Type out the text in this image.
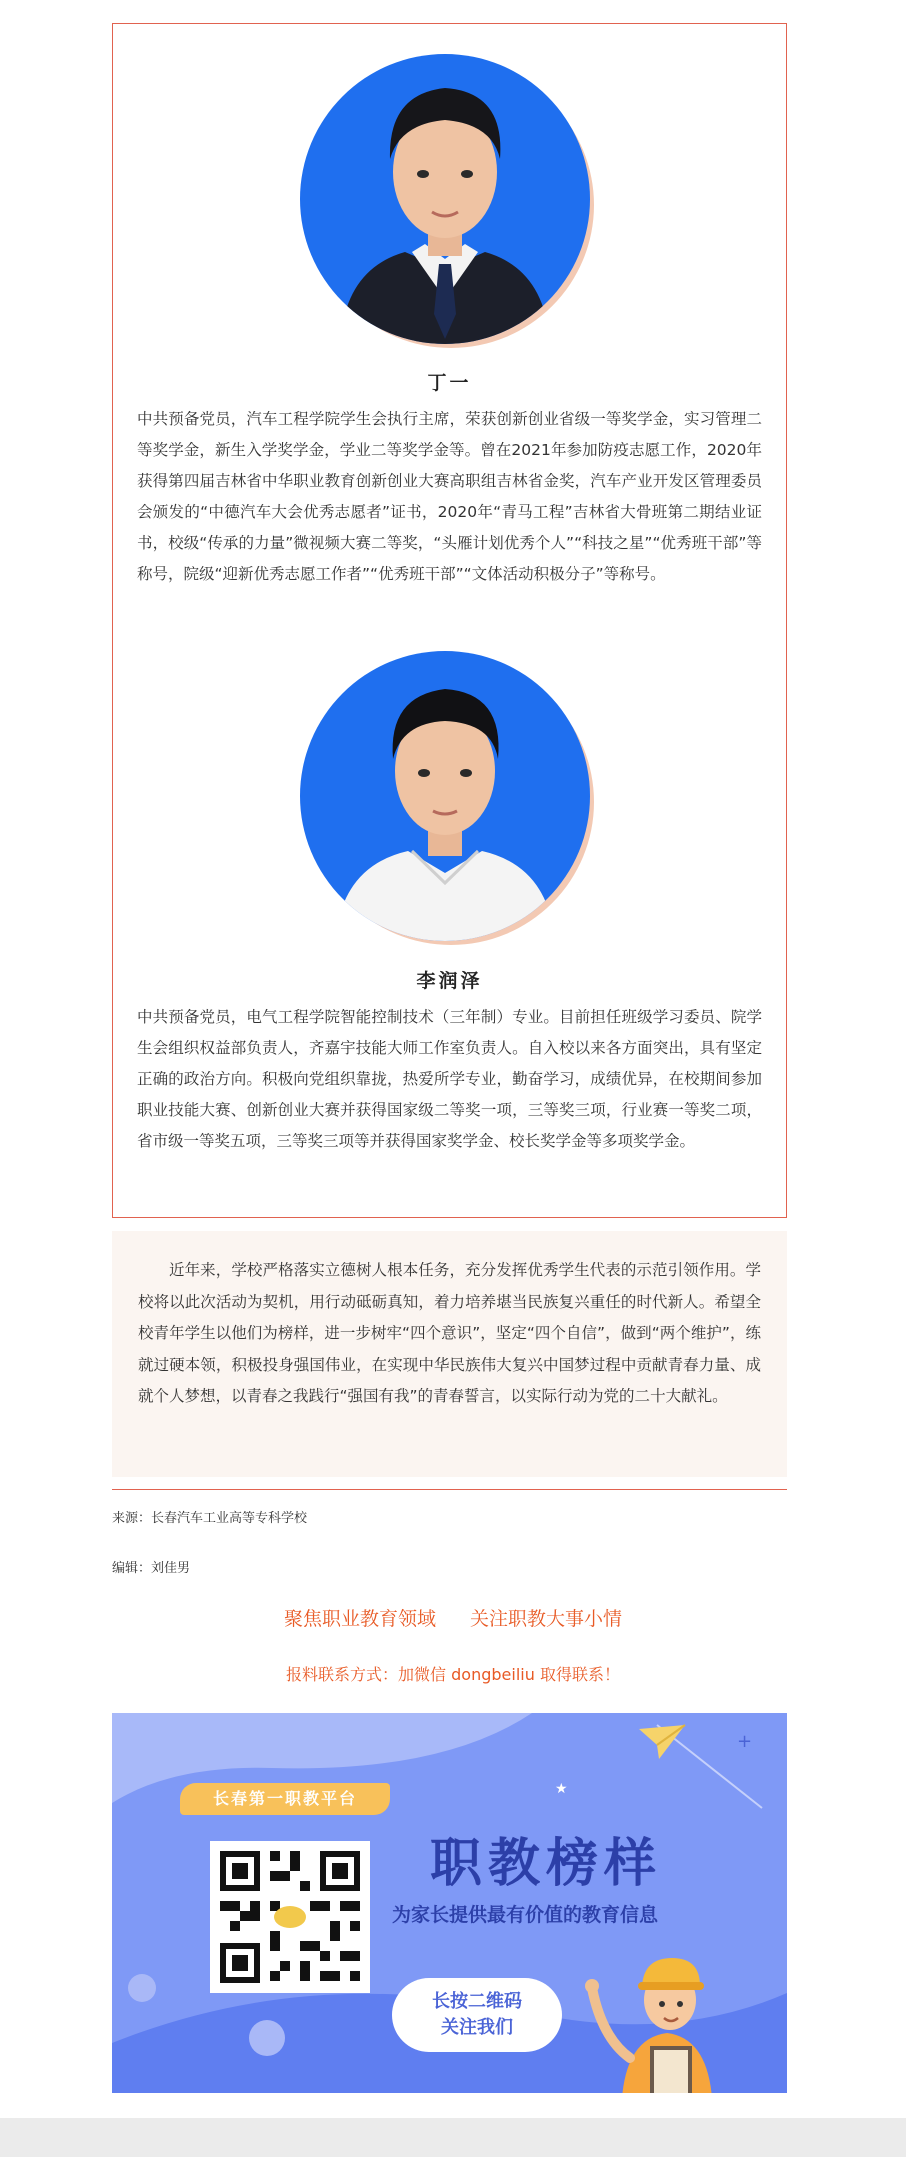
丁一

中共预备党员，汽车工程学院学生会执行主席，荣获创新创业省级一等奖学金，实习管理二等奖学金，新生入学奖学金，学业二等奖学金等。曾在2021年参加防疫志愿工作，2020年获得第四届吉林省中华职业教育创新创业大赛高职组吉林省金奖，汽车产业开发区管理委员会颁发的“中德汽车大会优秀志愿者”证书，2020年“青马工程”吉林省大骨班第二期结业证书，校级“传承的力量”微视频大赛二等奖，“头雁计划优秀个人”“科技之星”“优秀班干部”等称号，院级“迎新优秀志愿工作者”“优秀班干部”“文体活动积极分子”等称号。

李润泽

中共预备党员，电气工程学院智能控制技术（三年制）专业。目前担任班级学习委员、院学生会组织权益部负责人，齐嘉宇技能大师工作室负责人。自入校以来各方面突出，具有坚定正确的政治方向。积极向党组织靠拢，热爱所学专业，勤奋学习，成绩优异，在校期间参加职业技能大赛、创新创业大赛并获得国家级二等奖一项，三等奖三项，行业赛一等奖二项，省市级一等奖五项，三等奖三项等并获得国家奖学金、校长奖学金等多项奖学金。

近年来，学校严格落实立德树人根本任务，充分发挥优秀学生代表的示范引领作用。学校将以此次活动为契机，用行动砥砺真知，着力培养堪当民族复兴重任的时代新人。希望全校青年学生以他们为榜样，进一步树牢“四个意识”，坚定“四个自信”，做到“两个维护”，练就过硬本领，积极投身强国伟业，在实现中华民族伟大复兴中国梦过程中贡献青春力量、成就个人梦想，以青春之我践行“强国有我”的青春誓言，以实际行动为党的二十大献礼。

来源：长春汽车工业高等专科学校
编辑：刘佳男
聚焦职业教育领域 关注职教大事小情
报料联系方式：加微信 dongbeiliu 取得联系！
+
★
长春第一职教平台
职教榜样
为家长提供最有价值的教育信息
长按二维码
关注我们
